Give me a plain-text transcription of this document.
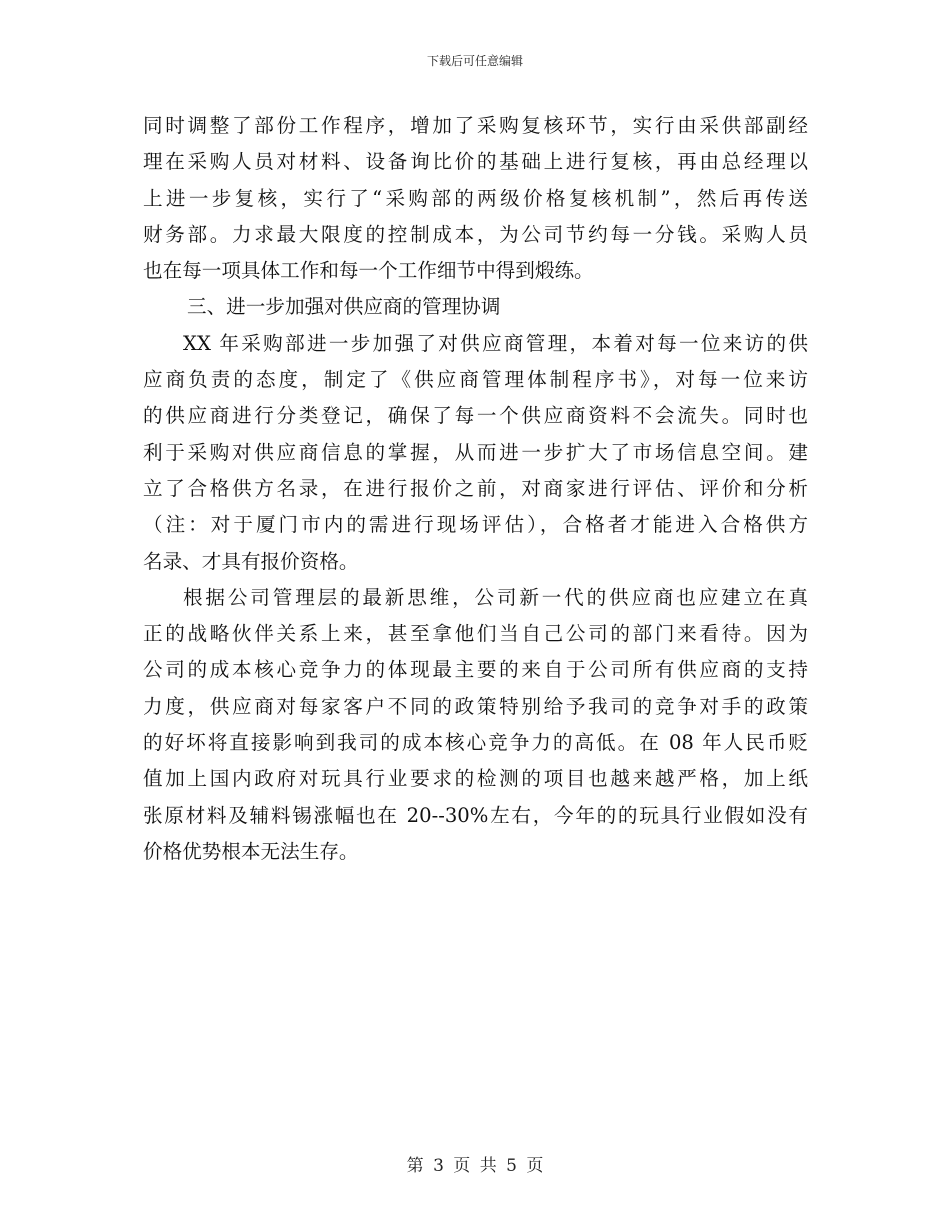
下载后可任意编辑
同时调整了部份工作程序，增加了采购复核环节，实行由采供部副经
理在采购人员对材料、设备询比价的基础上进行复核，再由总经理以
上进一步复核，实行了“采购部的两级价格复核机制”，然后再传送
财务部。力求最大限度的控制成本，为公司节约每一分钱。采购人员
也在每一项具体工作和每一个工作细节中得到煅练。
三、进一步加强对供应商的管理协调
XX 年采购部进一步加强了对供应商管理，本着对每一位来访的供
应商负责的态度，制定了《供应商管理体制程序书》，对每一位来访
的供应商进行分类登记，确保了每一个供应商资料不会流失。同时也
利于采购对供应商信息的掌握，从而进一步扩大了市场信息空间。建
立了合格供方名录，在进行报价之前，对商家进行评估、评价和分析
（注：对于厦门市内的需进行现场评估），合格者才能进入合格供方
名录、才具有报价资格。
根据公司管理层的最新思维，公司新一代的供应商也应建立在真
正的战略伙伴关系上来，甚至拿他们当自己公司的部门来看待。因为
公司的成本核心竞争力的体现最主要的来自于公司所有供应商的支持
力度，供应商对每家客户不同的政策特别给予我司的竞争对手的政策
的好坏将直接影响到我司的成本核心竞争力的高低。在 08 年人民币贬
值加上国内政府对玩具行业要求的检测的项目也越来越严格，加上纸
张原材料及辅料锡涨幅也在 20--30%左右，今年的的玩具行业假如没有
价格优势根本无法生存。
第 3 页 共 5 页
